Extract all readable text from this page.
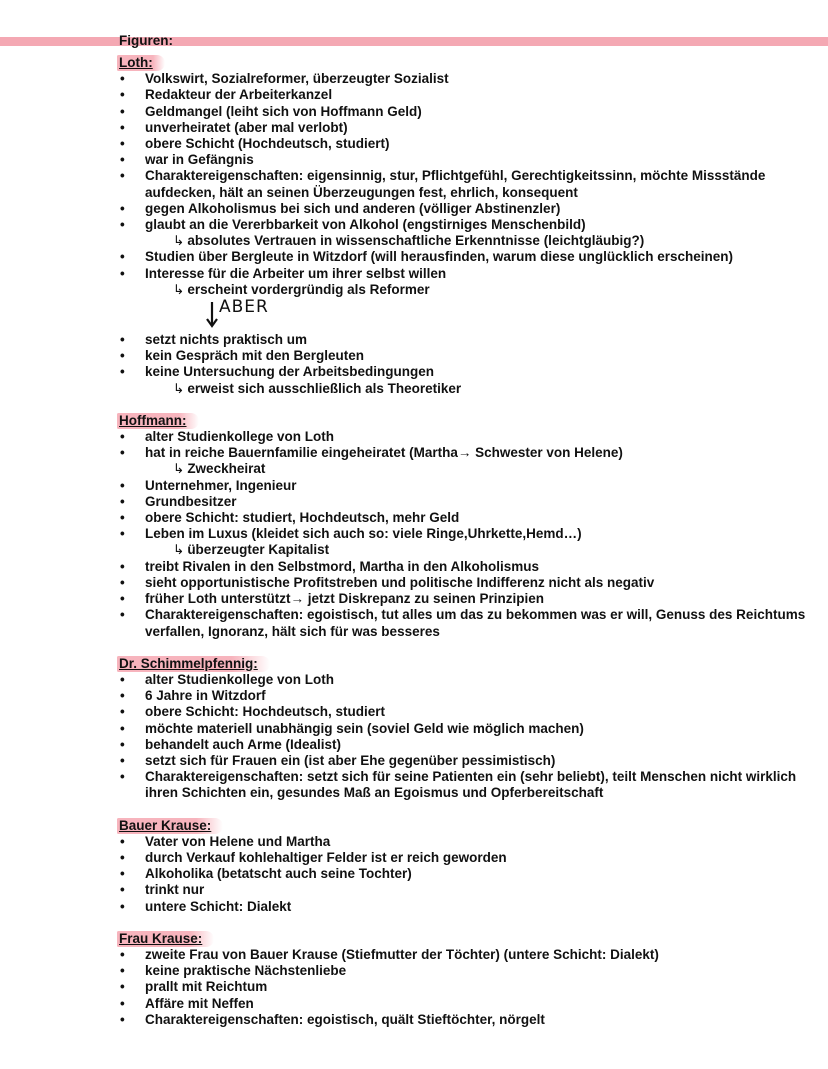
Figuren:
Loth:
• Volkswirt, Sozialreformer, überzeugter Sozialist
• Redakteur der Arbeiterkanzel
• Geldmangel (leiht sich von Hoffmann Geld)
• unverheiratet (aber mal verlobt)
• obere Schicht (Hochdeutsch, studiert)
• war in Gefängnis
• Charaktereigenschaften: eigensinnig, stur, Pflichtgefühl, Gerechtigkeitssinn, möchte Missstände aufdecken, hält an seinen Überzeugungen fest, ehrlich, konsequent
• gegen Alkoholismus bei sich und anderen (völliger Abstinenzler)
• glaubt an die Vererbbarkeit von Alkohol (engstirniges Menschenbild)
↳ absolutes Vertrauen in wissenschaftliche Erkenntnisse (leichtgläubig?)
• Studien über Bergleute in Witzdorf (will herausfinden, warum diese unglücklich erscheinen)
• Interesse für die Arbeiter um ihrer selbst willen
↳ erscheint vordergründig als Reformer
ABER
• setzt nichts praktisch um
• kein Gespräch mit den Bergleuten
• keine Untersuchung der Arbeitsbedingungen
↳ erweist sich ausschließlich als Theoretiker
Hoffmann:
• alter Studienkollege von Loth
• hat in reiche Bauernfamilie eingeheiratet (Martha→ Schwester von Helene)
↳ Zweckheirat
• Unternehmer, Ingenieur
• Grundbesitzer
• obere Schicht: studiert, Hochdeutsch, mehr Geld
• Leben im Luxus (kleidet sich auch so: viele Ringe,Uhrkette,Hemd…)
↳ überzeugter Kapitalist
• treibt Rivalen in den Selbstmord, Martha in den Alkoholismus
• sieht opportunistische Profitstreben und politische Indifferenz nicht als negativ
• früher Loth unterstützt→ jetzt Diskrepanz zu seinen Prinzipien
• Charaktereigenschaften: egoistisch, tut alles um das zu bekommen was er will, Genuss des Reichtums verfallen, Ignoranz, hält sich für was besseres
Dr. Schimmelpfennig:
• alter Studienkollege von Loth
• 6 Jahre in Witzdorf
• obere Schicht: Hochdeutsch, studiert
• möchte materiell unabhängig sein (soviel Geld wie möglich machen)
• behandelt auch Arme (Idealist)
• setzt sich für Frauen ein (ist aber Ehe gegenüber pessimistisch)
• Charaktereigenschaften: setzt sich für seine Patienten ein (sehr beliebt), teilt Menschen nicht wirklich ihren Schichten ein, gesundes Maß an Egoismus und Opferbereitschaft
Bauer Krause:
• Vater von Helene und Martha
• durch Verkauf kohlehaltiger Felder ist er reich geworden
• Alkoholika (betatscht auch seine Tochter)
• trinkt nur
• untere Schicht: Dialekt
Frau Krause:
• zweite Frau von Bauer Krause (Stiefmutter der Töchter) (untere Schicht: Dialekt)
• keine praktische Nächstenliebe
• prallt mit Reichtum
• Affäre mit Neffen
• Charaktereigenschaften: egoistisch, quält Stieftöchter, nörgelt
